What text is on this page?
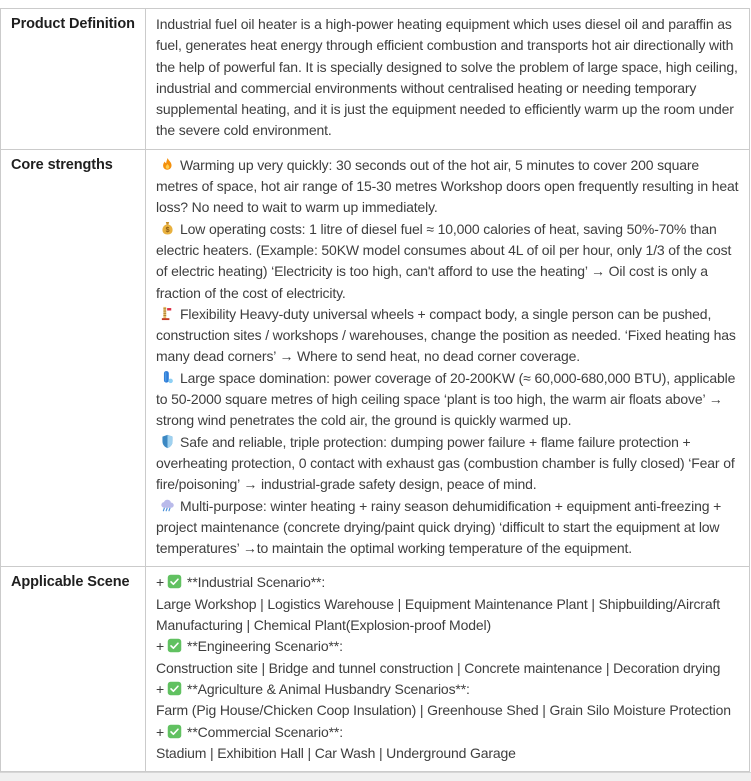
Product Definition	Industrial fuel oil heater is a high-power heating equipment which uses diesel oil and paraffin as fuel, generates heat energy through efficient combustion and transports hot air directionally with the help of powerful fan. It is specially designed to solve the problem of large space, high ceiling, industrial and commercial environments without centralised heating or needing temporary supplemental heating, and it is just the equipment needed to efficiently warm up the room under the severe cold environment.

Core strengths	Warming up very quickly: 30 seconds out of the hot air, 5 minutes to cover 200 square metres of space, hot air range of 15-30 metres Workshop doors open frequently resulting in heat loss? No need to wait to warm up immediately.

$ Low operating costs: 1 litre of diesel fuel ≈ 10,000 calories of heat, saving 50%-70% than electric heaters. (Example: 50KW model consumes about 4L of oil per hour, only 1/3 of the cost of electric heating) ‘Electricity is too high, can't afford to use the heating’ → Oil cost is only a fraction of the cost of electricity.

Flexibility Heavy-duty universal wheels + compact body, a single person can be pushed, construction sites / workshops / warehouses, change the position as needed. ‘Fixed heating has many dead corners’ → Where to send heat, no dead corner coverage.

Large space domination: power coverage of 20-200KW (≈ 60,000-680,000 BTU), applicable to 50-2000 square metres of high ceiling space ‘plant is too high, the warm air floats above’ → strong wind penetrates the cold air, the ground is quickly warmed up.

Safe and reliable, triple protection: dumping power failure + flame failure protection + overheating protection, 0 contact with exhaust gas (combustion chamber is fully closed) ‘Fear of fire/poisoning’ → industrial-grade safety design, peace of mind.

Multi-purpose: winter heating + rainy season dehumidification + equipment anti-freezing + project maintenance (concrete drying/paint quick drying) ‘difficult to start the equipment at low temperatures’ →to maintain the optimal working temperature of the equipment.

Applicable Scene	+ **Industrial Scenario**:

Large Workshop | Logistics Warehouse | Equipment Maintenance Plant | Shipbuilding/Aircraft Manufacturing | Chemical Plant(Explosion-proof Model)

+ **Engineering Scenario**:

Construction site | Bridge and tunnel construction | Concrete maintenance | Decoration drying

+ **Agriculture & Animal Husbandry Scenarios**:

Farm (Pig House/Chicken Coop Insulation) | Greenhouse Shed | Grain Silo Moisture Protection

+ **Commercial Scenario**:

Stadium | Exhibition Hall | Car Wash | Underground Garage
